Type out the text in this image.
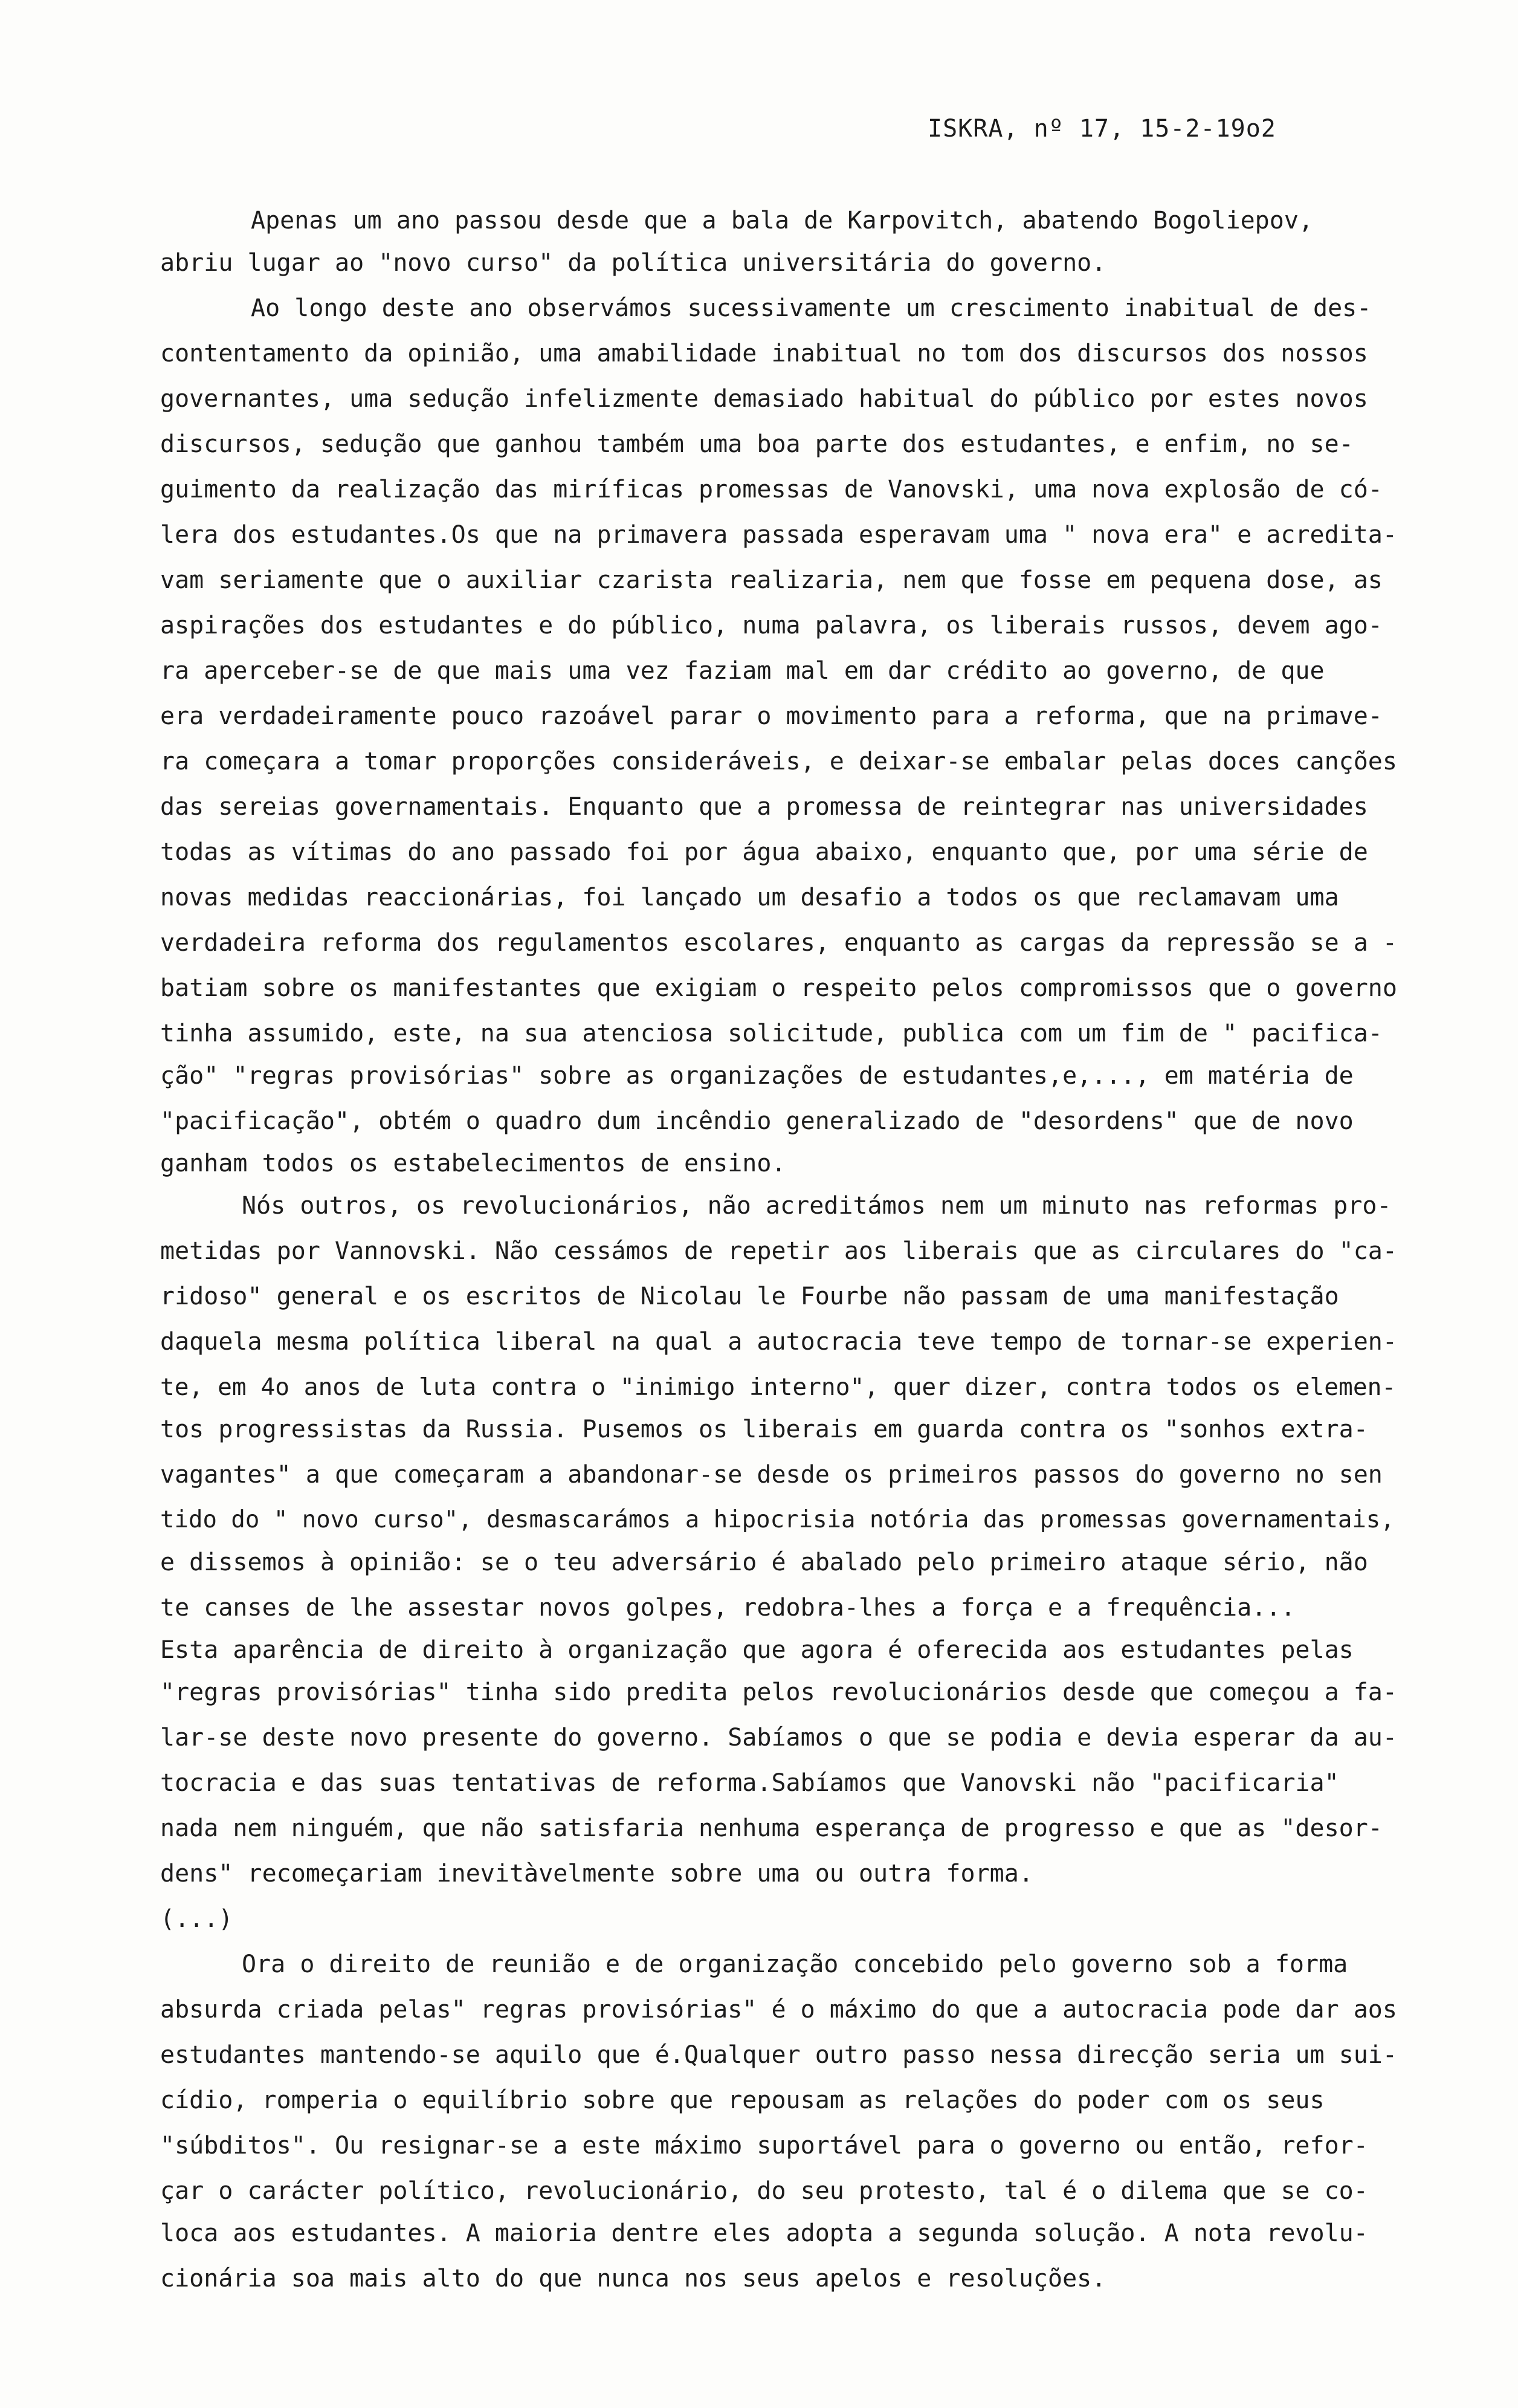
ISKRA, nº 17, 15-2-19o2
Apenas um ano passou desde que a bala de Karpovitch, abatendo Bogoliepov,
abriu lugar ao "novo curso" da política universitária do governo.
Ao longo deste ano observámos sucessivamente um crescimento inabitual de des-
contentamento da opinião, uma amabilidade inabitual no tom dos discursos dos nossos
governantes, uma sedução infelizmente demasiado habitual do público por estes novos
discursos, sedução que ganhou também uma boa parte dos estudantes, e enfim, no se-
guimento da realização das miríficas promessas de Vanovski, uma nova explosão de có-
lera dos estudantes.Os que na primavera passada esperavam uma " nova era" e acredita-
vam seriamente que o auxiliar czarista realizaria, nem que fosse em pequena dose, as
aspirações dos estudantes e do público, numa palavra, os liberais russos, devem ago-
ra aperceber-se de que mais uma vez faziam mal em dar crédito ao governo, de que
era verdadeiramente pouco razoável parar o movimento para a reforma, que na primave-
ra começara a tomar proporções consideráveis, e deixar-se embalar pelas doces canções
das sereias governamentais. Enquanto que a promessa de reintegrar nas universidades
todas as vítimas do ano passado foi por água abaixo, enquanto que, por uma série de
novas medidas reaccionárias, foi lançado um desafio a todos os que reclamavam uma
verdadeira reforma dos regulamentos escolares, enquanto as cargas da repressão se a -
batiam sobre os manifestantes que exigiam o respeito pelos compromissos que o governo
tinha assumido, este, na sua atenciosa solicitude, publica com um fim de " pacifica-
ção" "regras provisórias" sobre as organizações de estudantes,e,..., em matéria de
"pacificação", obtém o quadro dum incêndio generalizado de "desordens" que de novo
ganham todos os estabelecimentos de ensino.
Nós outros, os revolucionários, não acreditámos nem um minuto nas reformas pro-
metidas por Vannovski. Não cessámos de repetir aos liberais que as circulares do "ca-
ridoso" general e os escritos de Nicolau le Fourbe não passam de uma manifestação
daquela mesma política liberal na qual a autocracia teve tempo de tornar-se experien-
te, em 4o anos de luta contra o "inimigo interno", quer dizer, contra todos os elemen-
tos progressistas da Russia. Pusemos os liberais em guarda contra os "sonhos extra-
vagantes" a que começaram a abandonar-se desde os primeiros passos do governo no sen
tido do " novo curso", desmascarámos a hipocrisia notória das promessas governamentais,
e dissemos à opinião: se o teu adversário é abalado pelo primeiro ataque sério, não
te canses de lhe assestar novos golpes, redobra-lhes a força e a frequência...
Esta aparência de direito à organização que agora é oferecida aos estudantes pelas
"regras provisórias" tinha sido predita pelos revolucionários desde que começou a fa-
lar-se deste novo presente do governo. Sabíamos o que se podia e devia esperar da au-
tocracia e das suas tentativas de reforma.Sabíamos que Vanovski não "pacificaria"
nada nem ninguém, que não satisfaria nenhuma esperança de progresso e que as "desor-
dens" recomeçariam inevitàvelmente sobre uma ou outra forma.
(...)
Ora o direito de reunião e de organização concebido pelo governo sob a forma
absurda criada pelas" regras provisórias" é o máximo do que a autocracia pode dar aos
estudantes mantendo-se aquilo que é.Qualquer outro passo nessa direcção seria um sui-
cídio, romperia o equilíbrio sobre que repousam as relações do poder com os seus
"súbditos". Ou resignar-se a este máximo suportável para o governo ou então, refor-
çar o carácter político, revolucionário, do seu protesto, tal é o dilema que se co-
loca aos estudantes. A maioria dentre eles adopta a segunda solução. A nota revolu-
cionária soa mais alto do que nunca nos seus apelos e resoluções.
